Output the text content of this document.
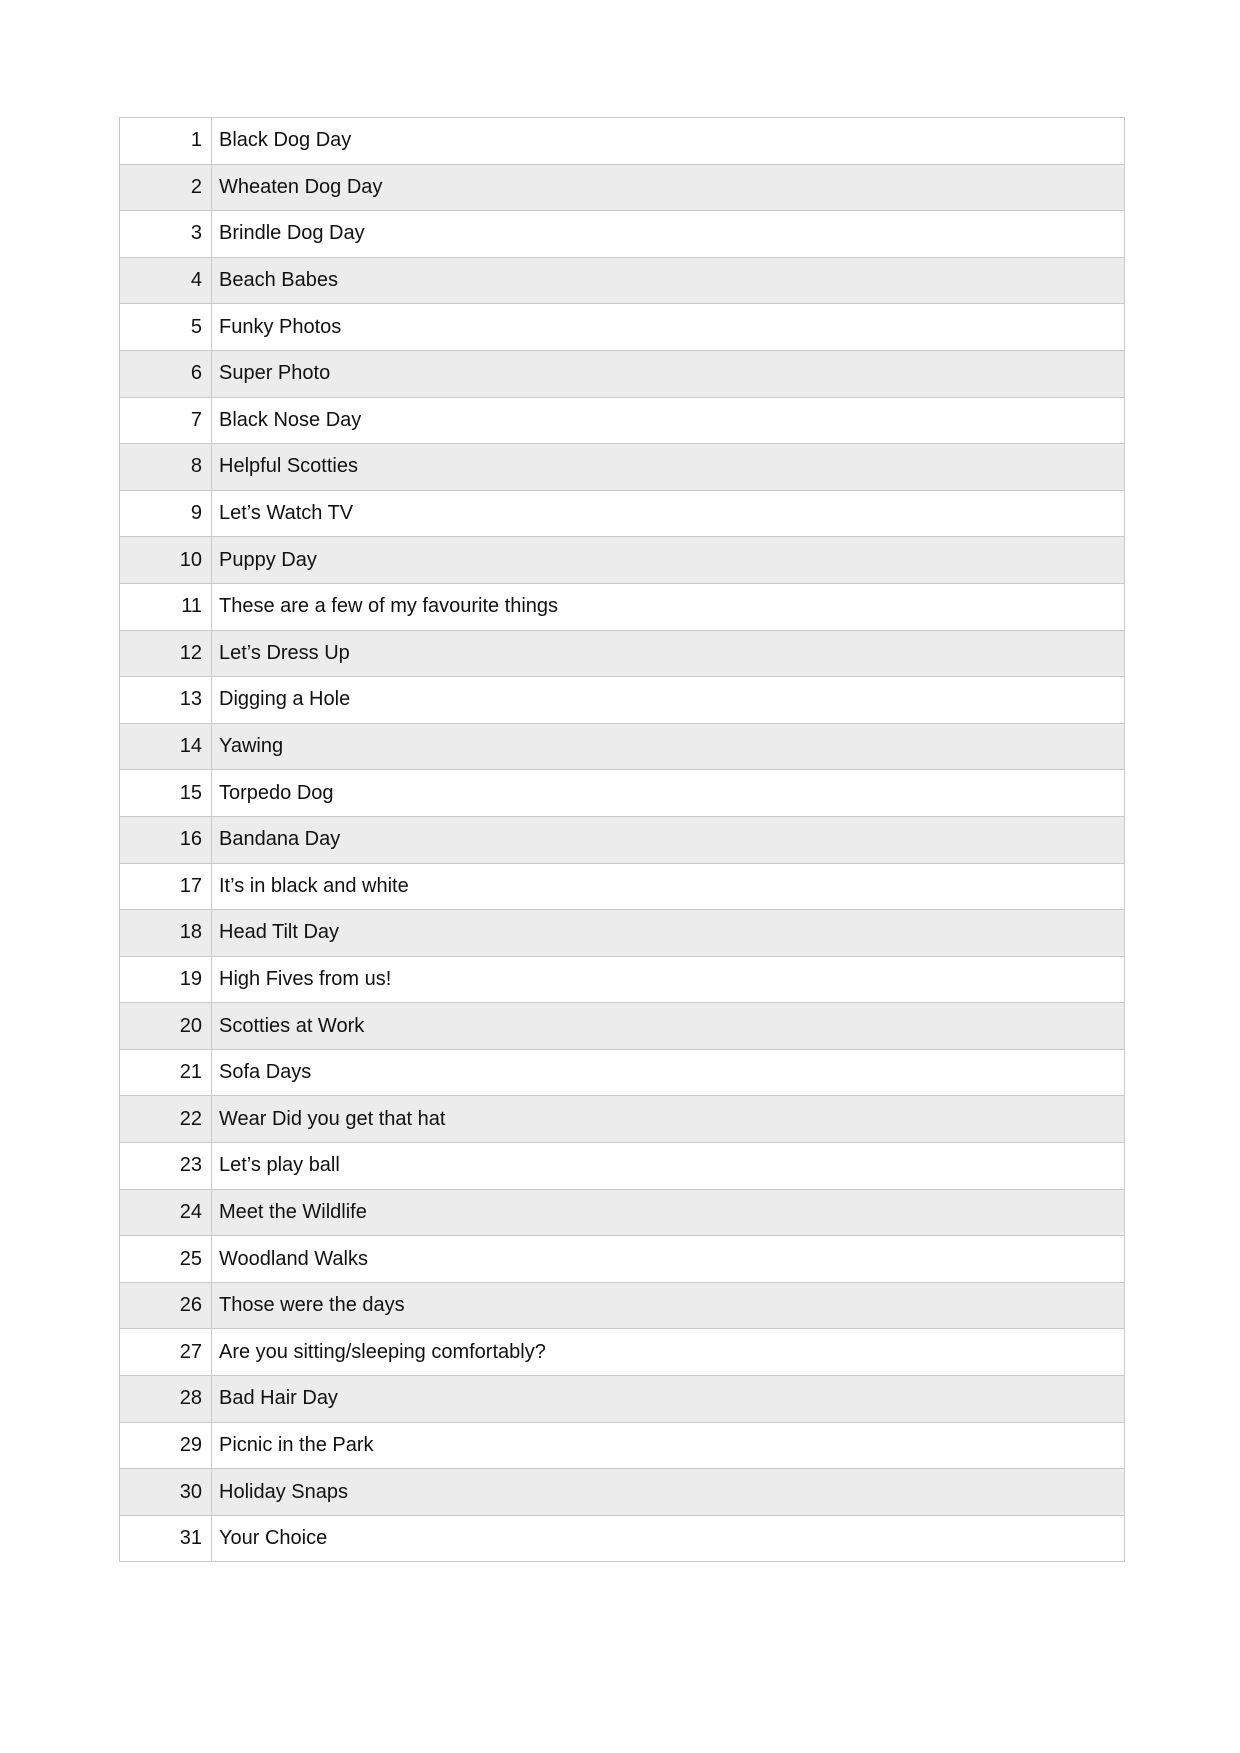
1 Black Dog Day
2 Wheaten Dog Day
3 Brindle Dog Day
4 Beach Babes
5 Funky Photos
6 Super Photo
7 Black Nose Day
8 Helpful Scotties
9 Let’s Watch TV
10 Puppy Day
11 These are a few of my favourite things
12 Let’s Dress Up
13 Digging a Hole
14 Yawing
15 Torpedo Dog
16 Bandana Day
17 It’s in black and white
18 Head Tilt Day
19 High Fives from us!
20 Scotties at Work
21 Sofa Days
22 Wear Did you get that hat
23 Let’s play ball
24 Meet the Wildlife
25 Woodland Walks
26 Those were the days
27 Are you sitting/sleeping comfortably?
28 Bad Hair Day
29 Picnic in the Park
30 Holiday Snaps
31 Your Choice
